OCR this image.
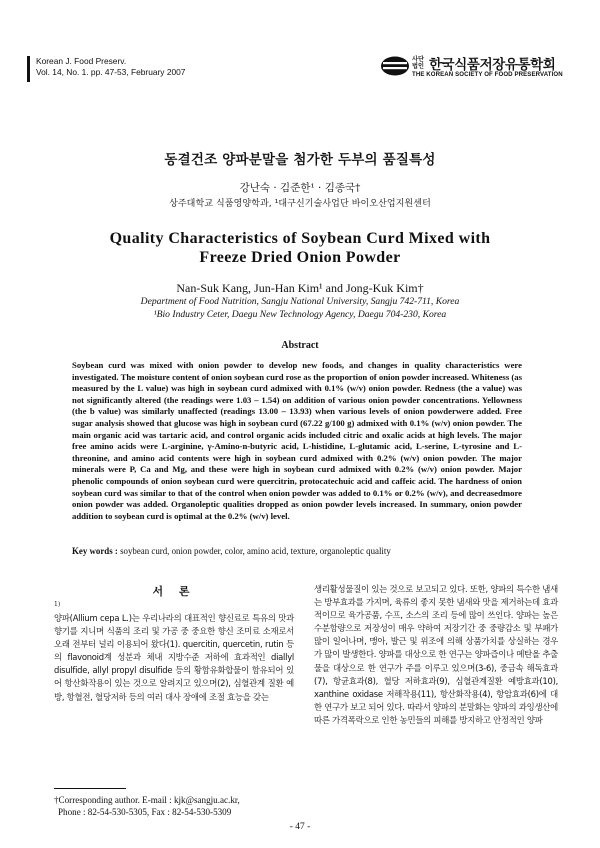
Korean J. Food Preserv.
Vol. 14, No. 1. pp. 47-53, February 2007
사단
법인 한국식품저장유통학회
THE KOREAN SOCIETY OF FOOD PRESERVATION
동결건조 양파분말을 첨가한 두부의 품질특성
강난숙 · 김준한¹ · 김종국†
상주대학교 식품영양학과, ¹대구신기술사업단 바이오산업지원센터
Quality Characteristics of Soybean Curd Mixed with
Freeze Dried Onion Powder
Nan-Suk Kang, Jun-Han Kim¹ and Jong-Kuk Kim†
Department of Food Nutrition, Sangju National University, Sangju 742-711, Korea
¹Bio Industry Ceter, Daegu New Technology Agency, Daegu 704-230, Korea
Abstract
Soybean curd was mixed with onion powder to develop new foods, and changes in quality characteristics were investigated. The moisture content of onion soybean curd rose as the proportion of onion powder increased. Whiteness (as measured by the L value) was high in soybean curd admixed with 0.1% (w/v) onion powder. Redness (the a value) was not significantly altered (the readings were 1.03 – 1.54) on addition of various onion powder concentrations. Yellowness (the b value) was similarly unaffected (readings 13.00 – 13.93) when various levels of onion powderwere added. Free sugar analysis showed that glucose was high in soybean curd (67.22 g/100 g) admixed with 0.1% (w/v) onion powder. The main organic acid was tartaric acid, and control organic acids included citric and oxalic acids at high levels. The major free amino acids were L-arginine, γ-Amino-n-butyric acid, L-histidine, L-glutamic acid, L-serine, L-tyrosine and L-threonine, and amino acid contents were high in soybean curd admixed with 0.2% (w/v) onion powder. The major minerals were P, Ca and Mg, and these were high in soybean curd admixed with 0.2% (w/v) onion powder. Major phenolic compounds of onion soybean curd were quercitrin, protocatechuic acid and caffeic acid. The hardness of onion soybean curd was similar to that of the control when onion powder was added to 0.1% or 0.2% (w/v), and decreasedmore onion powder was added. Organoleptic qualities dropped as onion powder levels increased. In summary, onion powder addition to soybean curd is optimal at the 0.2% (w/v) level.
Key words : soybean curd, onion powder, color, amino acid, texture, organoleptic quality
서 론
1)
양파(Allium cepa L.)는 우리나라의 대표적인 향신료로 특유의 맛과 향기를 지니며 식품의 조리 및 가공 중 중요한 향신 조미료 소재로서 오래 전부터 널리 이용되어 왔다(1). quercitin, quercetin, rutin 등의 flavonoid계 성분과 체내 지방수준 저하에 효과적인 diallyl disulfide, allyl propyl disulfide 등의 황함유화합물이 함유되어 있어 항산화작용이 있는 것으로 알려지고 있으며(2), 심혈관계 질환 예방, 항혈전, 혈당저하 등의 여러 대사 장애에 조절 효능을 갖는
생리활성물질이 있는 것으로 보고되고 있다. 또한, 양파의 특수한 냄새는 방부효과를 가지며, 육류의 좋지 못한 냄새와 맛을 제거하는데 효과적이므로 육가공품, 수프, 소스의 조리 등에 많이 쓰인다. 양파는 높은 수분함량으로 저장성이 매우 약하여 저장기간 중 중량감소 및 부패가 많이 일어나며, 맹아, 발근 및 위조에 의해 상품가치를 상실하는 경우가 많이 발생한다. 양파를 대상으로 한 연구는 양파즙이나 메탄올 추출물을 대상으로 한 연구가 주를 이루고 있으며(3-6), 중금속 해독효과(7), 항균효과(8), 혈당 저하효과(9), 심혈관계질환 예방효과(10), xanthine oxidase 저해작용(11), 항산화작용(4), 항암효과(6)에 대한 연구가 보고 되어 있다. 따라서 양파의 분말화는 양파의 과잉생산에 따른 가격폭락으로 인한 농민들의 피해를 방지하고 안정적인 양파
†Corresponding author. E-mail : kjk@sangju.ac.kr,
Phone : 82-54-530-5305, Fax : 82-54-530-5309
- 47 -
